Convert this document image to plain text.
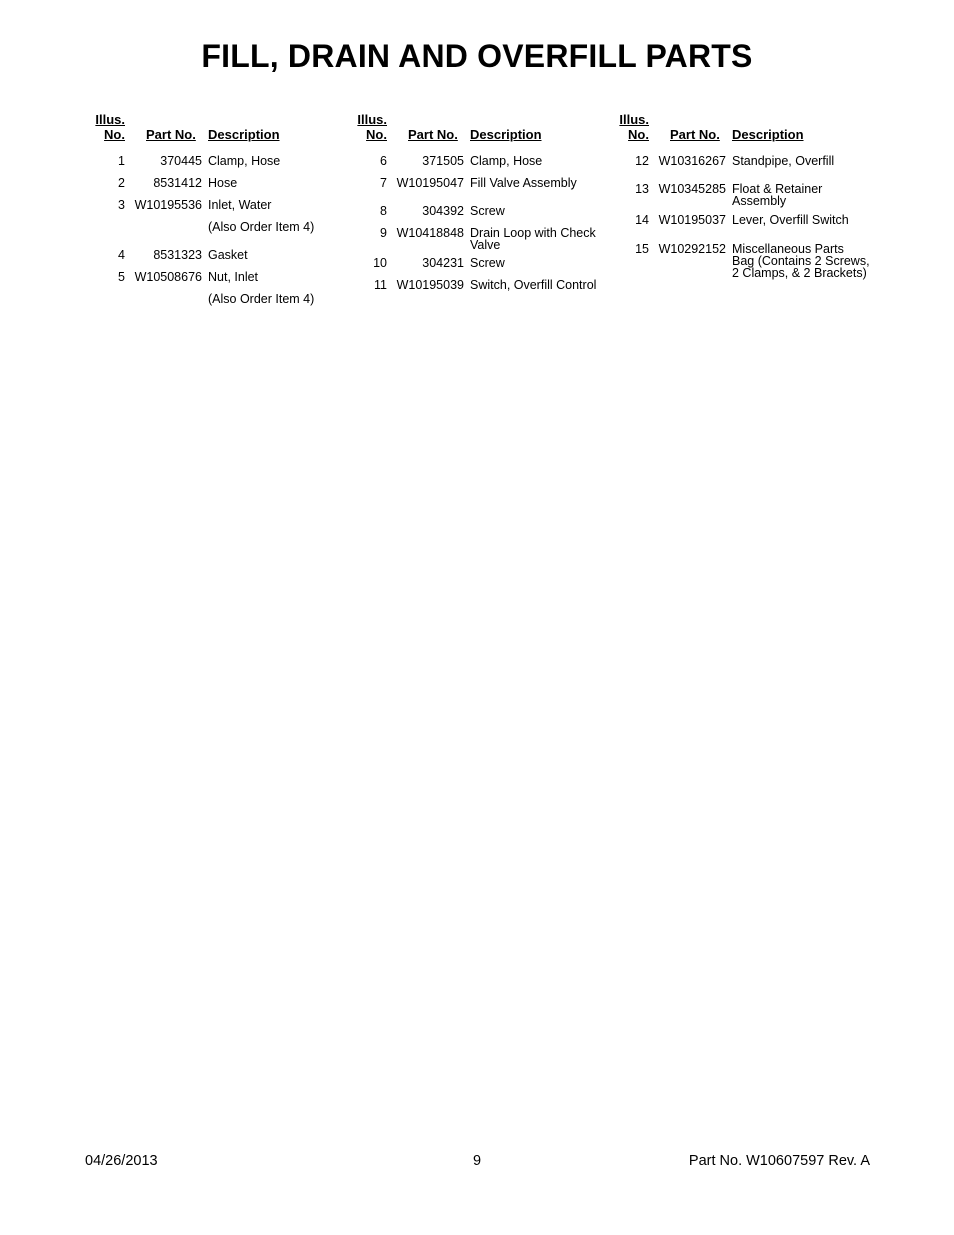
FILL, DRAIN AND OVERFILL PARTS
Illus.
No. Part No. Description
1	370445 Clamp, Hose
2	8531412 Hose
3 W10195536 Inlet, Water
(Also Order Item 4)
4	8531323 Gasket
5 W10508676 Nut, Inlet
(Also Order Item 4)
Illus.
No. Part No. Description
6	371505 Clamp, Hose
7 W10195047 Fill Valve Assembly
8	304392 Screw
9 W10418848 Drain Loop with Check
Valve
10	304231 Screw
11 W10195039 Switch, Overfill Control
Illus.
No. Part No. Description
12 W10316267 Standpipe, Overfill
13 W10345285 Float & Retainer
Assembly
14 W10195037 Lever, Overfill Switch
15 W10292152 Miscellaneous Parts
Bag (Contains 2 Screws,
2 Clamps, & 2 Brackets)
04/26/2013	9	Part No. W10607597 Rev. A
